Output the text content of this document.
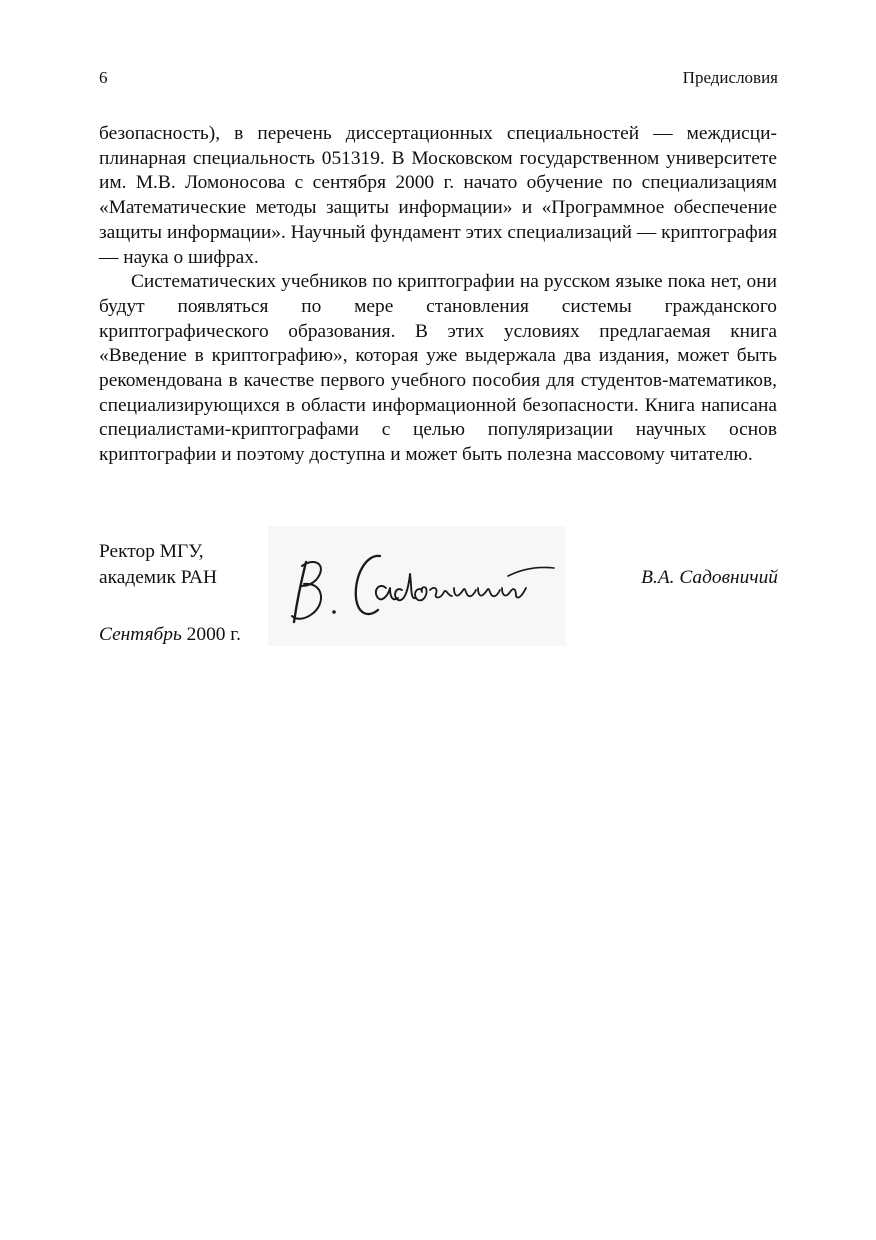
6	Предисловия

безопасность), в перечень диссертационных специальностей — междисциплинарная специальность 051319. В Московском государственном университете им. М.В. Ломоносова с сентября 2000 г. начато обучение по специализациям «Математические методы защиты информации» и «Программное обеспечение защиты информации». Научный фундамент этих специализаций — криптография — наука о шифрах.

Систематических учебников по криптографии на русском языке пока нет, они будут появляться по мере становления системы гражданского криптографического образования. В этих условиях предлагаемая книга «Введение в криптографию», которая уже выдержала два издания, может быть рекомендована в качестве первого учебного пособия для студентов-математиков, специализирующихся в области информационной безопасности. Книга написана специалистами-криптографами с целью популяризации научных основ криптографии и поэтому доступна и может быть полезна массовому читателю.

Ректор МГУ,
академик РАН	В.А. Садовничий
Сентябрь 2000 г.
